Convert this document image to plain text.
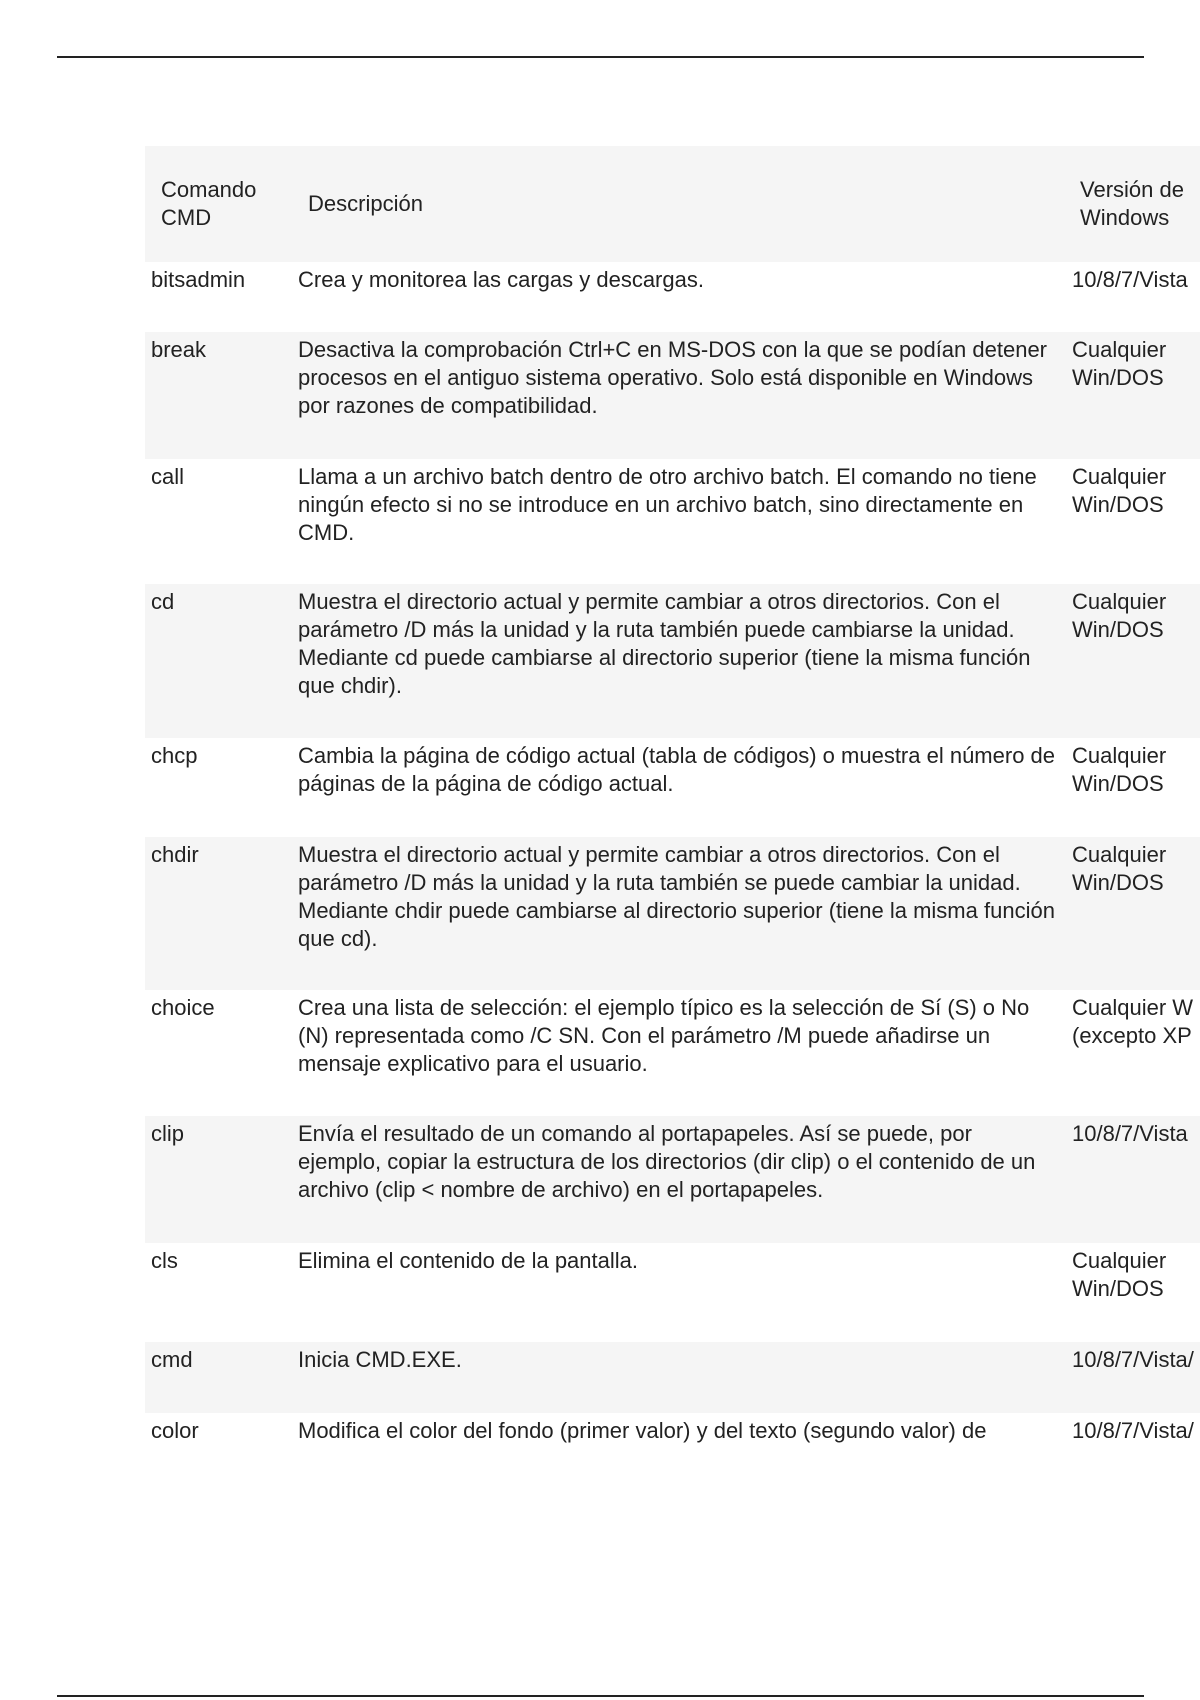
Comando CMD	Descripción	Versión de Windows
bitsadmin	Crea y monitorea las cargas y descargas.	10/8/7/Vista

break	Desactiva la comprobación Ctrl+C en MS-DOS con la que se podían detener procesos en el antiguo sistema operativo. Solo está disponible en Windows por razones de compatibilidad.	Cualquier
Win/DOS

call	Llama a un archivo batch dentro de otro archivo batch. El comando no tiene ningún efecto si no se introduce en un archivo batch, sino directamente en CMD.	Cualquier
Win/DOS

cd	Muestra el directorio actual y permite cambiar a otros directorios. Con el parámetro /D más la unidad y la ruta también puede cambiarse la unidad. Mediante cd puede cambiarse al directorio superior (tiene la misma función que chdir).	Cualquier
Win/DOS

chcp	Cambia la página de código actual (tabla de códigos) o muestra el número de páginas de la página de código actual.	Cualquier
Win/DOS

chdir	Muestra el directorio actual y permite cambiar a otros directorios. Con el parámetro /D más la unidad y la ruta también se puede cambiar la unidad. Mediante chdir puede cambiarse al directorio superior (tiene la misma función que cd).	Cualquier
Win/DOS

choice	Crea una lista de selección: el ejemplo típico es la selección de Sí (S) o No (N) representada como /C SN. Con el parámetro /M puede añadirse un mensaje explicativo para el usuario.	Cualquier W
(excepto XP

clip	Envía el resultado de un comando al portapapeles. Así se puede, por ejemplo, copiar la estructura de los directorios (dir clip) o el contenido de un archivo (clip < nombre de archivo) en el portapapeles.	10/8/7/Vista

cls	Elimina el contenido de la pantalla.	Cualquier
Win/DOS

cmd	Inicia CMD.EXE.	10/8/7/Vista/

color	Modifica el color del fondo (primer valor) y del texto (segundo valor) de	10/8/7/Vista/
